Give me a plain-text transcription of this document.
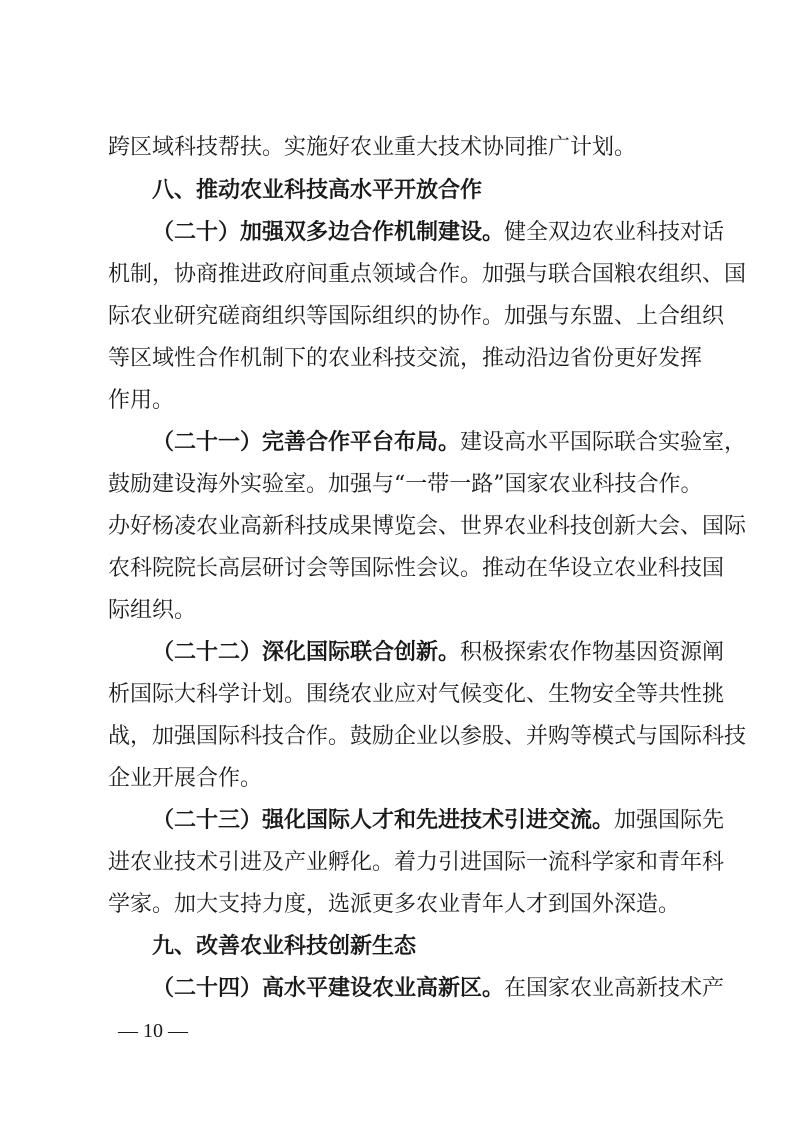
跨区域科技帮扶。实施好农业重大技术协同推广计划。
八、推动农业科技高水平开放合作
（二十）加强双多边合作机制建设。健全双边农业科技对话
机制，协商推进政府间重点领域合作。加强与联合国粮农组织、国
际农业研究磋商组织等国际组织的协作。加强与东盟、上合组织
等区域性合作机制下的农业科技交流，推动沿边省份更好发挥
作用。
（二十一）完善合作平台布局。建设高水平国际联合实验室，
鼓励建设海外实验室。加强与“一带一路”国家农业科技合作。
办好杨凌农业高新科技成果博览会、世界农业科技创新大会、国际
农科院院长高层研讨会等国际性会议。推动在华设立农业科技国
际组织。
（二十二）深化国际联合创新。积极探索农作物基因资源阐
析国际大科学计划。围绕农业应对气候变化、生物安全等共性挑
战，加强国际科技合作。鼓励企业以参股、并购等模式与国际科技
企业开展合作。
（二十三）强化国际人才和先进技术引进交流。加强国际先
进农业技术引进及产业孵化。着力引进国际一流科学家和青年科
学家。加大支持力度，选派更多农业青年人才到国外深造。
九、改善农业科技创新生态
（二十四）高水平建设农业高新区。在国家农业高新技术产
— 10 —
